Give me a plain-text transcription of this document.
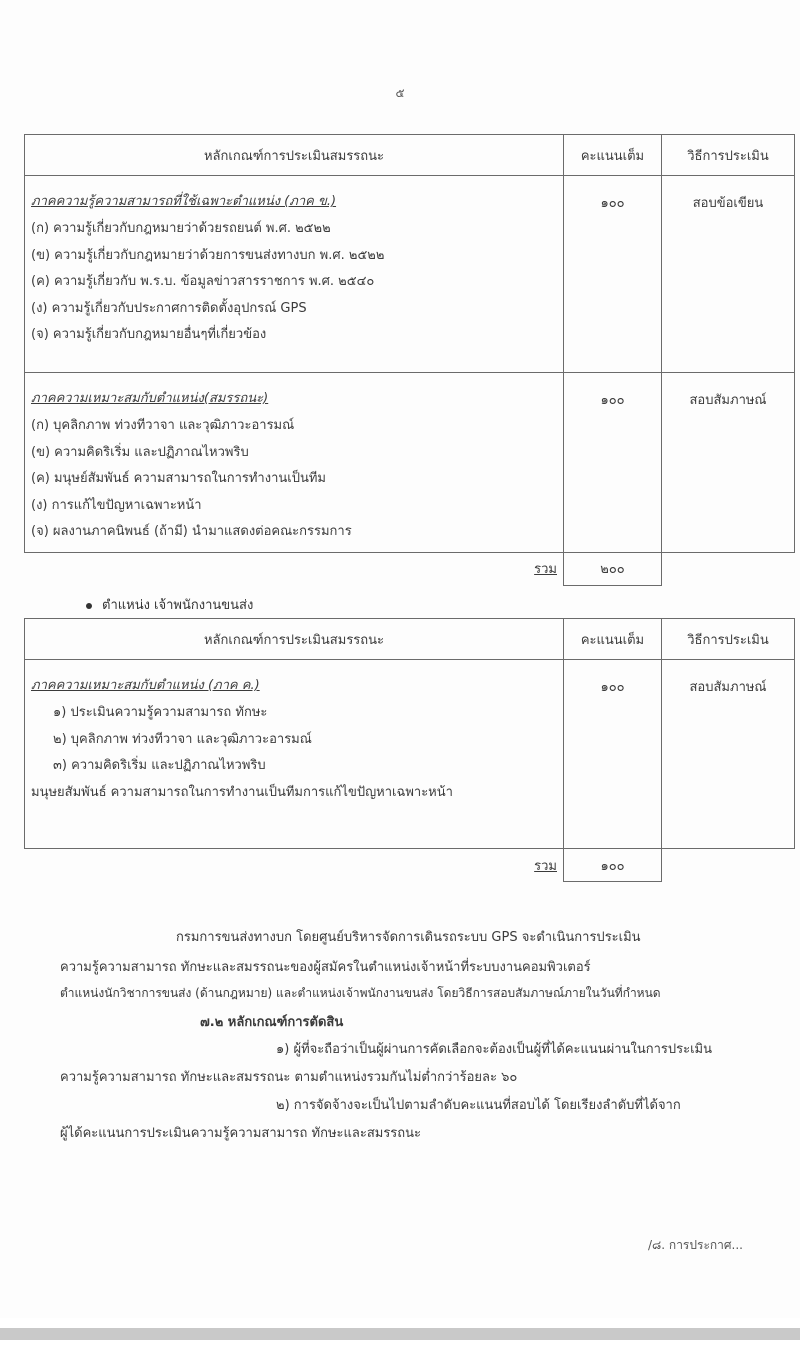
๕
หลักเกณฑ์การประเมินสมรรถนะ	คะแนนเต็ม	วิธีการประเมิน

ภาคความรู้ความสามารถที่ใช้เฉพาะตำแหน่ง (ภาค ข.)
(ก) ความรู้เกี่ยวกับกฎหมายว่าด้วยรถยนต์ พ.ศ. ๒๕๒๒
(ข) ความรู้เกี่ยวกับกฎหมายว่าด้วยการขนส่งทางบก พ.ศ. ๒๕๒๒
(ค) ความรู้เกี่ยวกับ พ.ร.บ. ข้อมูลข่าวสารราชการ พ.ศ. ๒๕๔๐
(ง) ความรู้เกี่ยวกับประกาศการติดตั้งอุปกรณ์ GPS
(จ) ความรู้เกี่ยวกับกฎหมายอื่นๆที่เกี่ยวข้อง
	๑๐๐	สอบข้อเขียน

ภาคความเหมาะสมกับตำแหน่ง(สมรรถนะ)
(ก) บุคลิกภาพ ท่วงทีวาจา และวุฒิภาวะอารมณ์
(ข) ความคิดริเริ่ม และปฏิภาณไหวพริบ
(ค) มนุษย์สัมพันธ์ ความสามารถในการทำงานเป็นทีม
(ง) การแก้ไขปัญหาเฉพาะหน้า
(จ) ผลงานภาคนิพนธ์ (ถ้ามี) นำมาแสดงต่อคณะกรรมการ
	๑๐๐	สอบสัมภาษณ์
รวม	๒๐๐	
ตำแหน่ง เจ้าพนักงานขนส่ง
หลักเกณฑ์การประเมินสมรรถนะ	คะแนนเต็ม	วิธีการประเมิน

ภาคความเหมาะสมกับตำแหน่ง (ภาค ค.)
๑) ประเมินความรู้ความสามารถ ทักษะ
๒) บุคลิกภาพ ท่วงทีวาจา และวุฒิภาวะอารมณ์
๓) ความคิดริเริ่ม และปฏิภาณไหวพริบ
มนุษยสัมพันธ์ ความสามารถในการทำงานเป็นทีมการแก้ไขปัญหาเฉพาะหน้า	๑๐๐	สอบสัมภาษณ์
รวม	๑๐๐	
กรมการขนส่งทางบก โดยศูนย์บริหารจัดการเดินรถระบบ GPS จะดำเนินการประเมิน
ความรู้ความสามารถ ทักษะและสมรรถนะของผู้สมัครในตำแหน่งเจ้าหน้าที่ระบบงานคอมพิวเตอร์
ตำแหน่งนักวิชาการขนส่ง (ด้านกฎหมาย) และตำแหน่งเจ้าพนักงานขนส่ง โดยวิธีการสอบสัมภาษณ์ภายในวันที่กำหนด
๗.๒ หลักเกณฑ์การตัดสิน
๑) ผู้ที่จะถือว่าเป็นผู้ผ่านการคัดเลือกจะต้องเป็นผู้ที่ได้คะแนนผ่านในการประเมิน
ความรู้ความสามารถ ทักษะและสมรรถนะ ตามตำแหน่งรวมกันไม่ต่ำกว่าร้อยละ ๖๐
๒) การจัดจ้างจะเป็นไปตามลำดับคะแนนที่สอบได้ โดยเรียงลำดับที่ได้จาก
ผู้ได้คะแนนการประเมินความรู้ความสามารถ ทักษะและสมรรถนะ
/๘. การประกาศ...
